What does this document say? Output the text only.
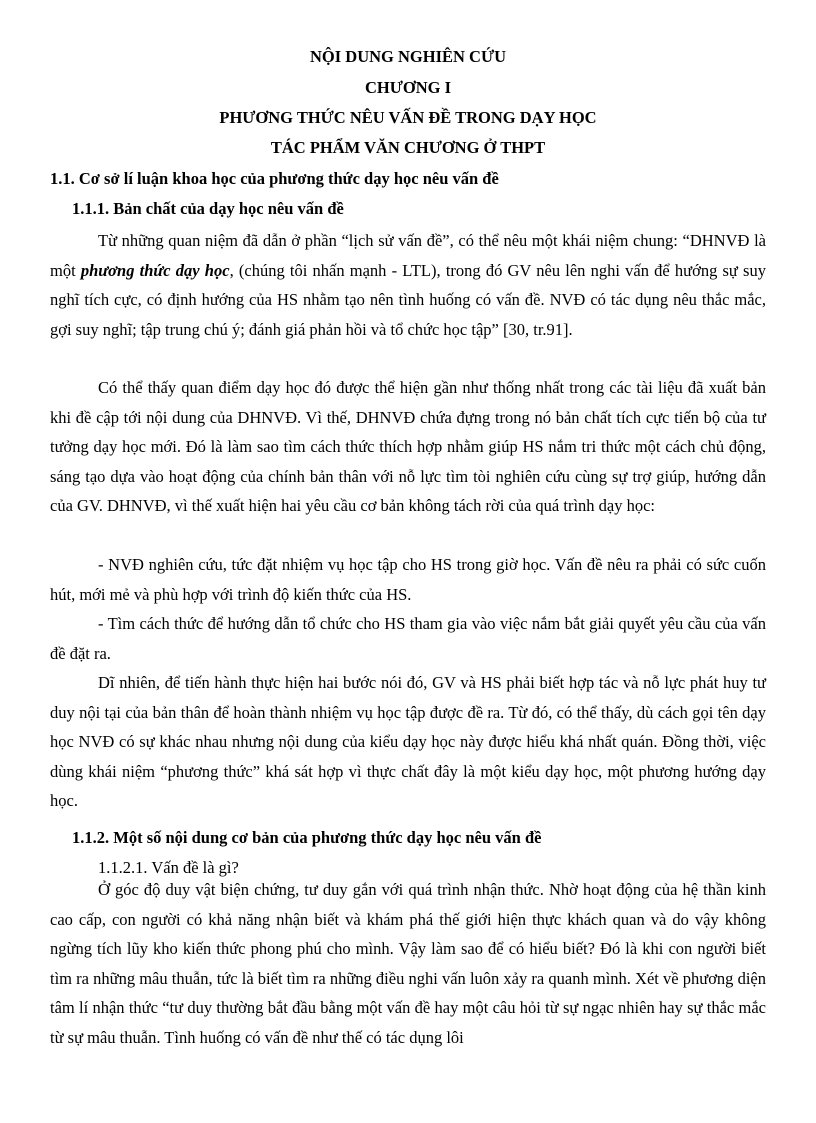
NỘI DUNG NGHIÊN CỨU
CHƯƠNG I
PHƯƠNG THỨC NÊU VẤN ĐỀ TRONG DẠY HỌC
TÁC PHẨM VĂN CHƯƠNG Ở THPT
1.1. Cơ sở lí luận khoa học của phương thức dạy học nêu vấn đề
1.1.1. Bản chất của dạy học nêu vấn đề

Từ những quan niệm đã dẫn ở phần “lịch sử vấn đề”, có thể nêu một khái niệm chung: “DHNVĐ là một phương thức dạy học, (chúng tôi nhấn mạnh - LTL), trong đó GV nêu lên nghi vấn để hướng sự suy nghĩ tích cực, có định hướng của HS nhằm tạo nên tình huống có vấn đề. NVĐ có tác dụng nêu thắc mắc, gợi suy nghĩ; tập trung chú ý; đánh giá phản hồi và tổ chức học tập” [30, tr.91].

Có thể thấy quan điểm dạy học đó được thể hiện gần như thống nhất trong các tài liệu đã xuất bản khi đề cập tới nội dung của DHNVĐ. Vì thế, DHNVĐ chứa đựng trong nó bản chất tích cực tiến bộ của tư tưởng dạy học mới. Đó là làm sao tìm cách thức thích hợp nhằm giúp HS nắm tri thức một cách chủ động, sáng tạo dựa vào hoạt động của chính bản thân với nỗ lực tìm tòi nghiên cứu cùng sự trợ giúp, hướng dẫn của GV. DHNVĐ, vì thế xuất hiện hai yêu cầu cơ bản không tách rời của quá trình dạy học:

- NVĐ nghiên cứu, tức đặt nhiệm vụ học tập cho HS trong giờ học. Vấn đề nêu ra phải có sức cuốn hút, mới mẻ và phù hợp với trình độ kiến thức của HS.

- Tìm cách thức để hướng dẫn tổ chức cho HS tham gia vào việc nắm bắt giải quyết yêu cầu của vấn đề đặt ra.

Dĩ nhiên, để tiến hành thực hiện hai bước nói đó, GV và HS phải biết hợp tác và nỗ lực phát huy tư duy nội tại của bản thân để hoàn thành nhiệm vụ học tập được đề ra. Từ đó, có thể thấy, dù cách gọi tên dạy học NVĐ có sự khác nhau nhưng nội dung của kiểu dạy học này được hiểu khá nhất quán. Đồng thời, việc dùng khái niệm “phương thức” khá sát hợp vì thực chất đây là một kiểu dạy học, một phương hướng dạy học.

1.1.2. Một số nội dung cơ bản của phương thức dạy học nêu vấn đề
1.1.2.1. Vấn đề là gì?

Ở góc độ duy vật biện chứng, tư duy gắn với quá trình nhận thức. Nhờ hoạt động của hệ thần kinh cao cấp, con người có khả năng nhận biết và khám phá thế giới hiện thực khách quan và do vậy không ngừng tích lũy kho kiến thức phong phú cho mình. Vậy làm sao để có hiểu biết? Đó là khi con người biết tìm ra những mâu thuẫn, tức là biết tìm ra những điều nghi vấn luôn xảy ra quanh mình. Xét về phương diện tâm lí nhận thức “tư duy thường bắt đầu bằng một vấn đề hay một câu hỏi từ sự ngạc nhiên hay sự thắc mắc từ sự mâu thuẫn. Tình huống có vấn đề như thế có tác dụng lôi
